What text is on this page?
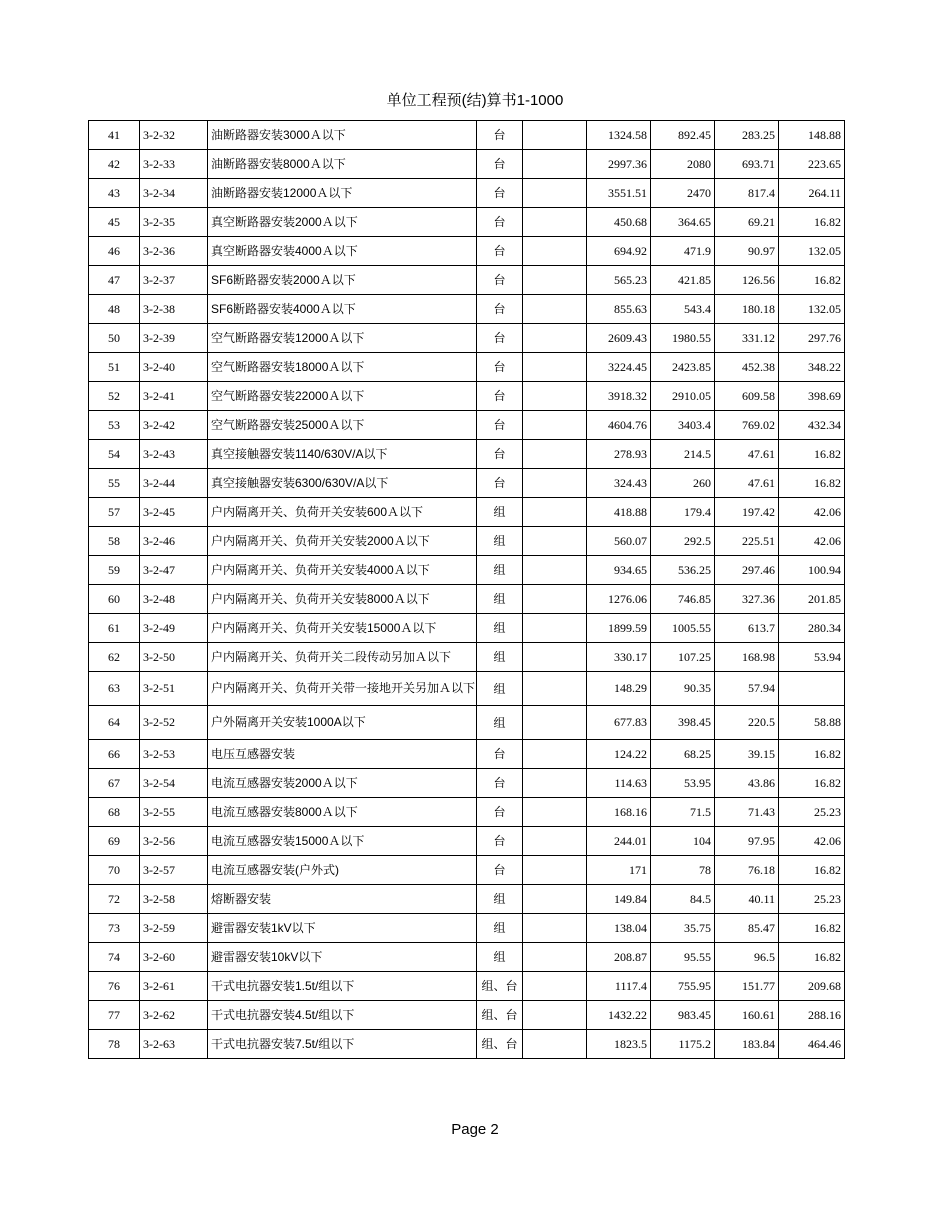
单位工程预(结)算书1-1000
41	3-2-32	油断路器安装3000Ａ以下	台		1324.58	892.45	283.25	148.88
42	3-2-33	油断路器安装8000Ａ以下	台		2997.36	2080	693.71	223.65
43	3-2-34	油断路器安装12000Ａ以下	台		3551.51	2470	817.4	264.11
45	3-2-35	真空断路器安装2000Ａ以下	台		450.68	364.65	69.21	16.82
46	3-2-36	真空断路器安装4000Ａ以下	台		694.92	471.9	90.97	132.05
47	3-2-37	SF6断路器安装2000Ａ以下	台		565.23	421.85	126.56	16.82
48	3-2-38	SF6断路器安装4000Ａ以下	台		855.63	543.4	180.18	132.05
50	3-2-39	空气断路器安装12000Ａ以下	台		2609.43	1980.55	331.12	297.76
51	3-2-40	空气断路器安装18000Ａ以下	台		3224.45	2423.85	452.38	348.22
52	3-2-41	空气断路器安装22000Ａ以下	台		3918.32	2910.05	609.58	398.69
53	3-2-42	空气断路器安装25000Ａ以下	台		4604.76	3403.4	769.02	432.34
54	3-2-43	真空接触器安装1140/630V/A以下	台		278.93	214.5	47.61	16.82
55	3-2-44	真空接触器安装6300/630V/A以下	台		324.43	260	47.61	16.82
57	3-2-45	户内隔离开关、负荷开关安装600Ａ以下	组		418.88	179.4	197.42	42.06
58	3-2-46	户内隔离开关、负荷开关安装2000Ａ以下	组		560.07	292.5	225.51	42.06
59	3-2-47	户内隔离开关、负荷开关安装4000Ａ以下	组		934.65	536.25	297.46	100.94
60	3-2-48	户内隔离开关、负荷开关安装8000Ａ以下	组		1276.06	746.85	327.36	201.85
61	3-2-49	户内隔离开关、负荷开关安装15000Ａ以下	组		1899.59	1005.55	613.7	280.34
62	3-2-50	户内隔离开关、负荷开关二段传动另加Ａ以下	组		330.17	107.25	168.98	53.94
63	3-2-51	户内隔离开关、负荷开关带一接地开关另加Ａ以下	组		148.29	90.35	57.94	
64	3-2-52	户外隔离开关安装1000A以下	组		677.83	398.45	220.5	58.88
66	3-2-53	电压互感器安装	台		124.22	68.25	39.15	16.82
67	3-2-54	电流互感器安装2000Ａ以下	台		114.63	53.95	43.86	16.82
68	3-2-55	电流互感器安装8000Ａ以下	台		168.16	71.5	71.43	25.23
69	3-2-56	电流互感器安装15000Ａ以下	台		244.01	104	97.95	42.06
70	3-2-57	电流互感器安装(户外式)	台		171	78	76.18	16.82
72	3-2-58	熔断器安装	组		149.84	84.5	40.11	25.23
73	3-2-59	避雷器安装1kV以下	组		138.04	35.75	85.47	16.82
74	3-2-60	避雷器安装10kV以下	组		208.87	95.55	96.5	16.82
76	3-2-61	干式电抗器安装1.5t/组以下	组、台		1117.4	755.95	151.77	209.68
77	3-2-62	干式电抗器安装4.5t/组以下	组、台		1432.22	983.45	160.61	288.16
78	3-2-63	干式电抗器安装7.5t/组以下	组、台		1823.5	1175.2	183.84	464.46
Page 2
